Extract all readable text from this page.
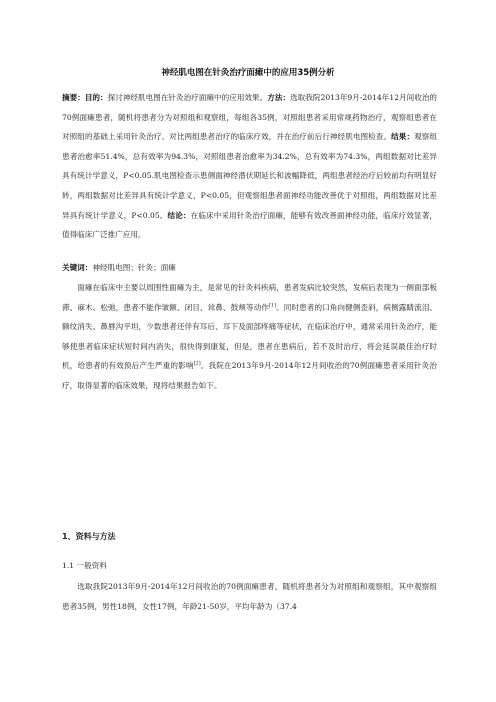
神经肌电图在针灸治疗面瘫中的应用35例分析
摘要：目的：探讨神经肌电图在针灸治疗面瘫中的应用效果。方法：选取我院2013年9月-2014年12月间收治的70例面瘫患者，随机将患者分为对照组和观察组，每组各35例，对照组患者采用常规药物治疗，观察组患者在对照组的基础上采用针灸治疗。对比两组患者治疗的临床疗效，并在治疗前后行神经肌电图检查。结果：观察组患者治愈率51.4%，总有效率为94.3%，对照组患者治愈率为34.2%，总有效率为74.3%，两组数据对比差异具有统计学意义，P<0.05.肌电图检查示患侧面神经潜伏期延长和波幅降低，两组患者经治疗后较前均有明显好转，两组数据对比差异具有统计学意义，P<0.05，但观察组患者面神经功能改善优于对照组，两组数据对比差异具有统计学意义，P<0.05。结论：在临床中采用针灸治疗面瘫，能够有效改善面神经功能，临床疗效显著，值得临床广泛推广应用。
关键词：神经肌电图；针灸；面瘫
面瘫在临床中主要以周围性面瘫为主，是常见的针灸科疾病，患者发病比较突然，发病后表现为一侧面部板滞、麻木、松弛，患者不能作皱额、闭目、耸鼻、鼓颊等动作[1]。同时患者的口角向健侧歪斜，病侧露睛流泪、额纹消失、鼻唇沟平坦，少数患者还伴有耳后、耳下及面部疼痛等症状，在临床治疗中，通常采用针灸治疗，能够使患者临床症状短时间内消失，很快得到康复，但是，患者在患病后，若不及时治疗，将会延误最佳治疗时机，给患者的有效预后产生严重的影响[2]。我院在2013年9月-2014年12月间收治的70例面瘫患者采用针灸治疗，取得显著的临床效果，现将结果报告如下。
1、资料与方法
1.1 一般资料
选取我院2013年9月-2014年12月间收治的70例面瘫患者，随机将患者分为对照组和观察组，其中观察组患者35例，男性18例，女性17例，年龄21-50岁，平均年龄为（37.4
